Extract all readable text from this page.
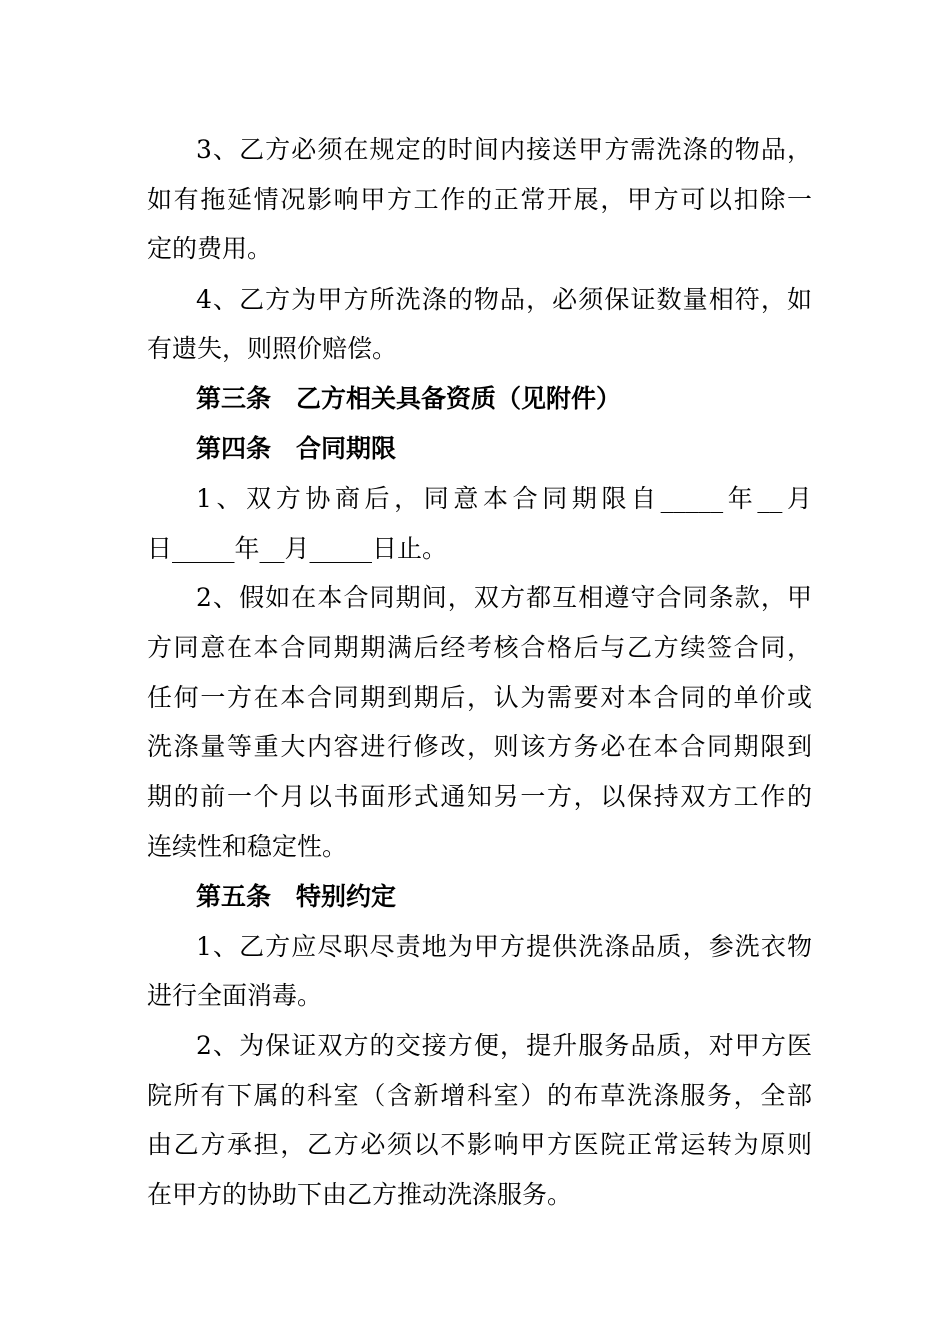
3、乙方必须在规定的时间内接送甲方需洗涤的物品，
如有拖延情况影响甲方工作的正常开展，甲方可以扣除一
定的费用。
4、乙方为甲方所洗涤的物品，必须保证数量相符，如
有遗失，则照价赔偿。
第三条　乙方相关具备资质（见附件）
第四条　合同期限
1、双方协商后，同意本合同期限自_____年__月
日_____年__月_____日止。
2、假如在本合同期间，双方都互相遵守合同条款，甲
方同意在本合同期期满后经考核合格后与乙方续签合同，
任何一方在本合同期到期后，认为需要对本合同的单价或
洗涤量等重大内容进行修改，则该方务必在本合同期限到
期的前一个月以书面形式通知另一方，以保持双方工作的
连续性和稳定性。
第五条　特别约定
1、乙方应尽职尽责地为甲方提供洗涤品质，参洗衣物
进行全面消毒。
2、为保证双方的交接方便，提升服务品质，对甲方医
院所有下属的科室（含新增科室）的布草洗涤服务，全部
由乙方承担，乙方必须以不影响甲方医院正常运转为原则
在甲方的协助下由乙方推动洗涤服务。
